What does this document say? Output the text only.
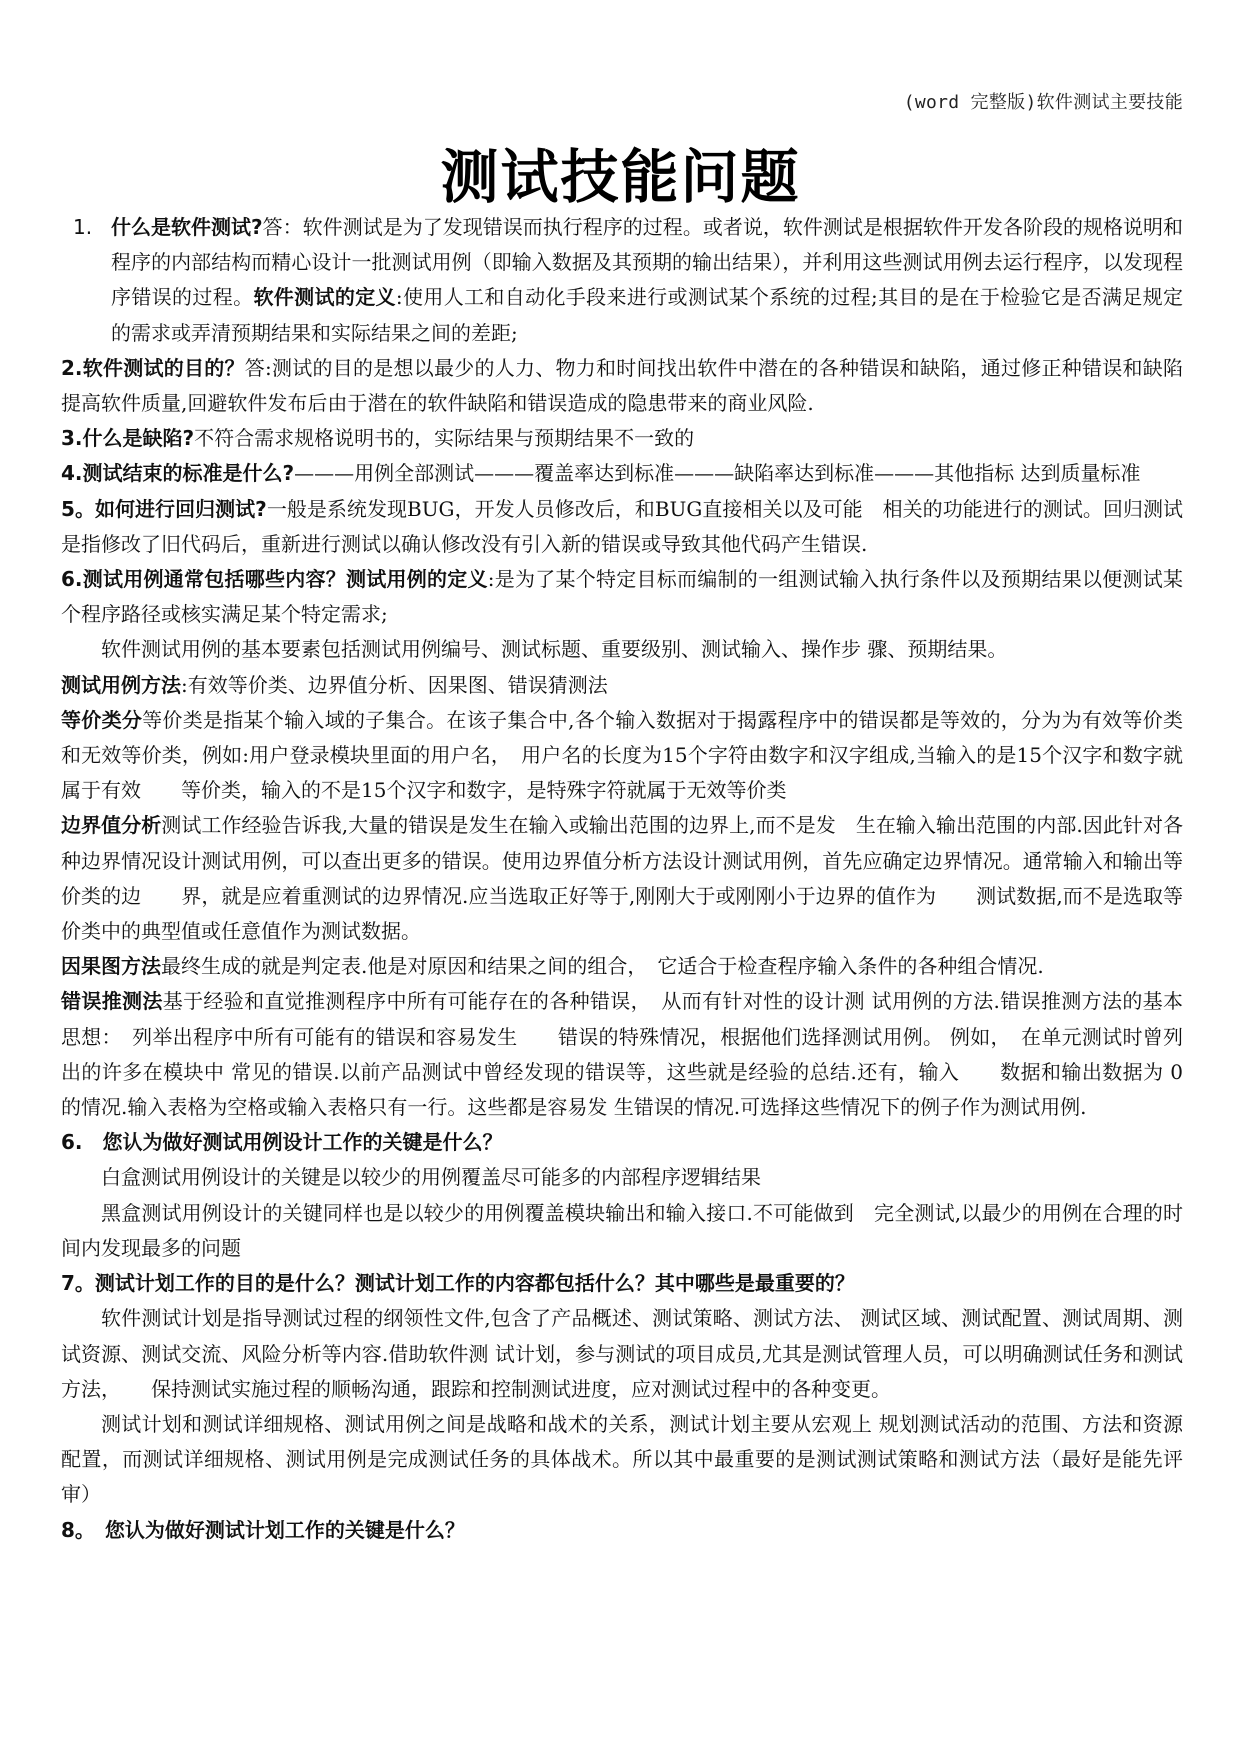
(word 完整版)软件测试主要技能
测试技能问题
1. 什么是软件测试?答：软件测试是为了发现错误而执行程序的过程。或者说，软件测试是根据软件开发各阶段的规格说明和程序的内部结构而精心设计一批测试用例（即输入数据及其预期的输出结果），并利用这些测试用例去运行程序，以发现程序错误的过程。软件测试的定义:使用人工和自动化手段来进行或测试某个系统的过程;其目的是在于检验它是否满足规定的需求或弄清预期结果和实际结果之间的差距;

2.软件测试的目的？答:测试的目的是想以最少的人力、物力和时间找出软件中潜在的各种错误和缺陷，通过修正种错误和缺陷提高软件质量,回避软件发布后由于潜在的软件缺陷和错误造成的隐患带来的商业风险.

3.什么是缺陷?不符合需求规格说明书的，实际结果与预期结果不一致的

4.测试结束的标准是什么?———用例全部测试———覆盖率达到标准———缺陷率达到标准———其他指标 达到质量标准

5。如何进行回归测试?一般是系统发现BUG，开发人员修改后，和BUG直接相关以及可能　相关的功能进行的测试。回归测试是指修改了旧代码后，重新进行测试以确认修改没有引入新的错误或导致其他代码产生错误.

6.测试用例通常包括哪些内容？测试用例的定义:是为了某个特定目标而编制的一组测试输入执行条件以及预期结果以便测试某个程序路径或核实满足某个特定需求;

软件测试用例的基本要素包括测试用例编号、测试标题、重要级别、测试输入、操作步 骤、预期结果。

测试用例方法:有效等价类、边界值分析、因果图、错误猜测法

等价类分等价类是指某个输入域的子集合。在该子集合中,各个输入数据对于揭露程序中的错误都是等效的，分为为有效等价类和无效等价类，例如:用户登录模块里面的用户名，　用户名的长度为15个字符由数字和汉字组成,当输入的是15个汉字和数字就属于有效　　等价类，输入的不是15个汉字和数字，是特殊字符就属于无效等价类

边界值分析测试工作经验告诉我,大量的错误是发生在输入或输出范围的边界上,而不是发　生在输入输出范围的内部.因此针对各种边界情况设计测试用例，可以查出更多的错误。使用边界值分析方法设计测试用例，首先应确定边界情况。通常输入和输出等价类的边　　界，就是应着重测试的边界情况.应当选取正好等于,刚刚大于或刚刚小于边界的值作为　　测试数据,而不是选取等价类中的典型值或任意值作为测试数据。

因果图方法最终生成的就是判定表.他是对原因和结果之间的组合，　它适合于检查程序输入条件的各种组合情况.

错误推测法基于经验和直觉推测程序中所有可能存在的各种错误，　从而有针对性的设计测 试用例的方法.错误推测方法的基本思想：　列举出程序中所有可能有的错误和容易发生　　错误的特殊情况，根据他们选择测试用例。 例如，　在单元测试时曾列出的许多在模块中 常见的错误.以前产品测试中曾经发现的错误等，这些就是经验的总结.还有，输入　　数据和输出数据为 0 的情况.输入表格为空格或输入表格只有一行。这些都是容易发 生错误的情况.可选择这些情况下的例子作为测试用例.

6.　您认为做好测试用例设计工作的关键是什么？

白盒测试用例设计的关键是以较少的用例覆盖尽可能多的内部程序逻辑结果

黑盒测试用例设计的关键同样也是以较少的用例覆盖模块输出和输入接口.不可能做到　完全测试,以最少的用例在合理的时间内发现最多的问题

7。测试计划工作的目的是什么？测试计划工作的内容都包括什么？其中哪些是最重要的？

软件测试计划是指导测试过程的纲领性文件,包含了产品概述、测试策略、测试方法、 测试区域、测试配置、测试周期、测试资源、测试交流、风险分析等内容.借助软件测 试计划，参与测试的项目成员,尤其是测试管理人员，可以明确测试任务和测试方法，　　保持测试实施过程的顺畅沟通，跟踪和控制测试进度，应对测试过程中的各种变更。

测试计划和测试详细规格、测试用例之间是战略和战术的关系，测试计划主要从宏观上 规划测试活动的范围、方法和资源配置，而测试详细规格、测试用例是完成测试任务的具体战术。所以其中最重要的是测试测试策略和测试方法（最好是能先评审）

8。　您认为做好测试计划工作的关键是什么？
